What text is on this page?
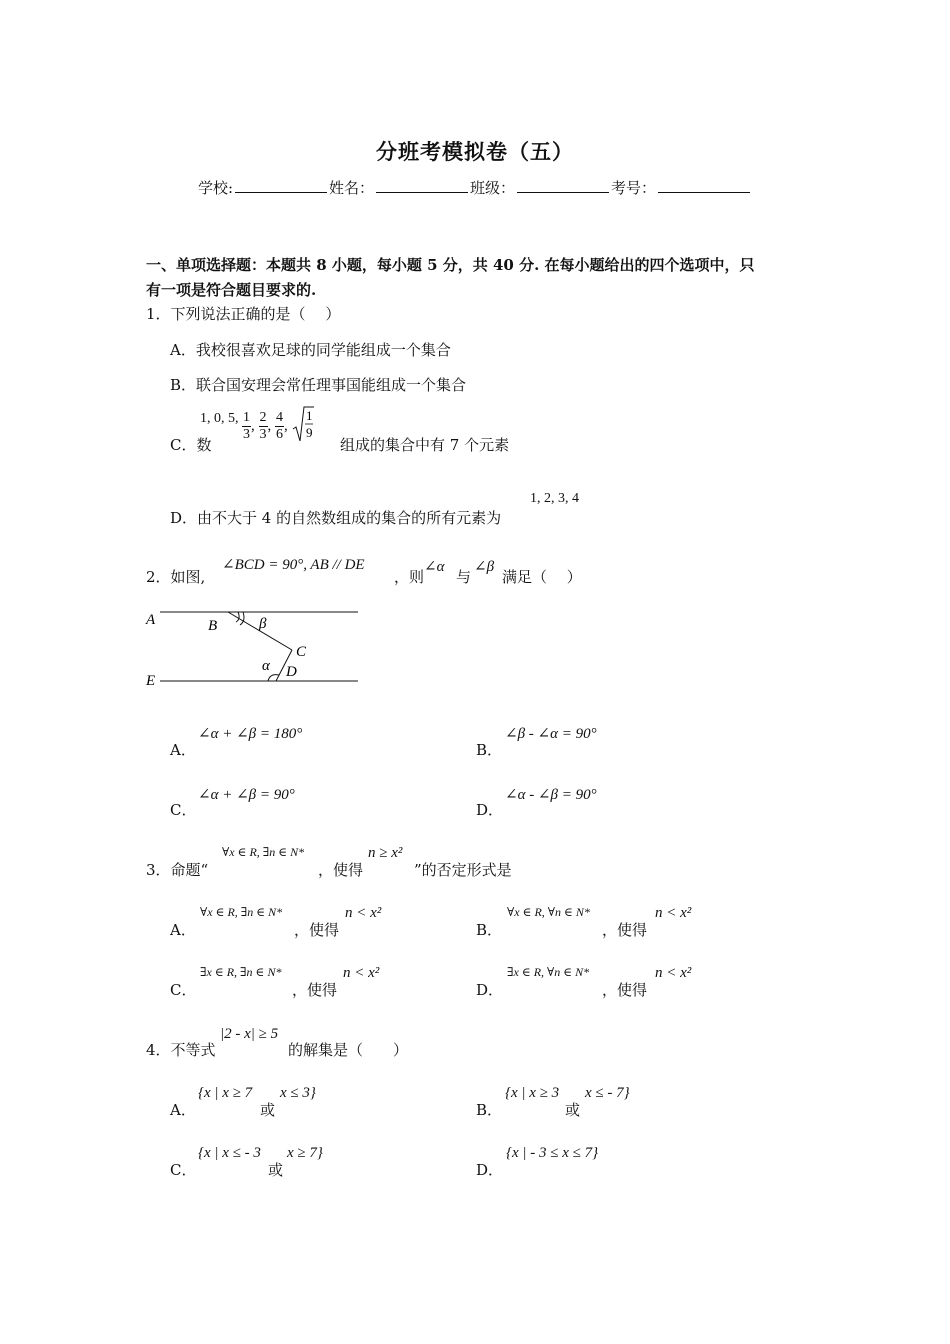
分班考模拟卷（五）
学校:	姓名：	班级：	考号：
一、单项选择题：本题共 8 小题，每小题 5 分，共 40 分. 在每小题给出的四个选项中，只
有一项是符合题目要求的.
1．下列说法正确的是（　 ）
A．我校很喜欢足球的同学能组成一个集合
B．联合国安理会常任理事国能组成一个集合
C．数
1, 0, 5, $\frac{1}{3}$ , $\frac{2}{3}$ , $\frac{4}{6}$ ,
1
9
组成的集合中有 7 个元素
D．由不大于 4 的自然数组成的集合的所有元素为
1, 2, 3, 4
2．如图,
∠BCD = 90°, AB // DE
，则
∠α
与
∠β
满足（　 ）
A	B	β
C
α D
E
A．
∠α + ∠β = 180°
B．
∠β - ∠α = 90°
C．
∠α + ∠β = 90°
D．
∠α - ∠β = 90°
3．命题“
∀x ∈ R, ∃n ∈ N*
，使得
n ≥ x²
”的否定形式是
A．
∀x ∈ R, ∃n ∈ N*
，使得
n < x²
B．
∀x ∈ R, ∀n ∈ N*
，使得
n < x²
C．
∃x ∈ R, ∃n ∈ N*
，使得
n < x²
D．
∃x ∈ R, ∀n ∈ N*
，使得
n < x²
4．不等式
|2 - x| ≥ 5
的解集是（　　）
A．
{x | x ≥ 7
或
x ≤ 3}
B．
{x | x ≥ 3
或
x ≤ - 7}
C．
{x | x ≤ - 3
或
x ≥ 7}
D．
{x | - 3 ≤ x ≤ 7}
